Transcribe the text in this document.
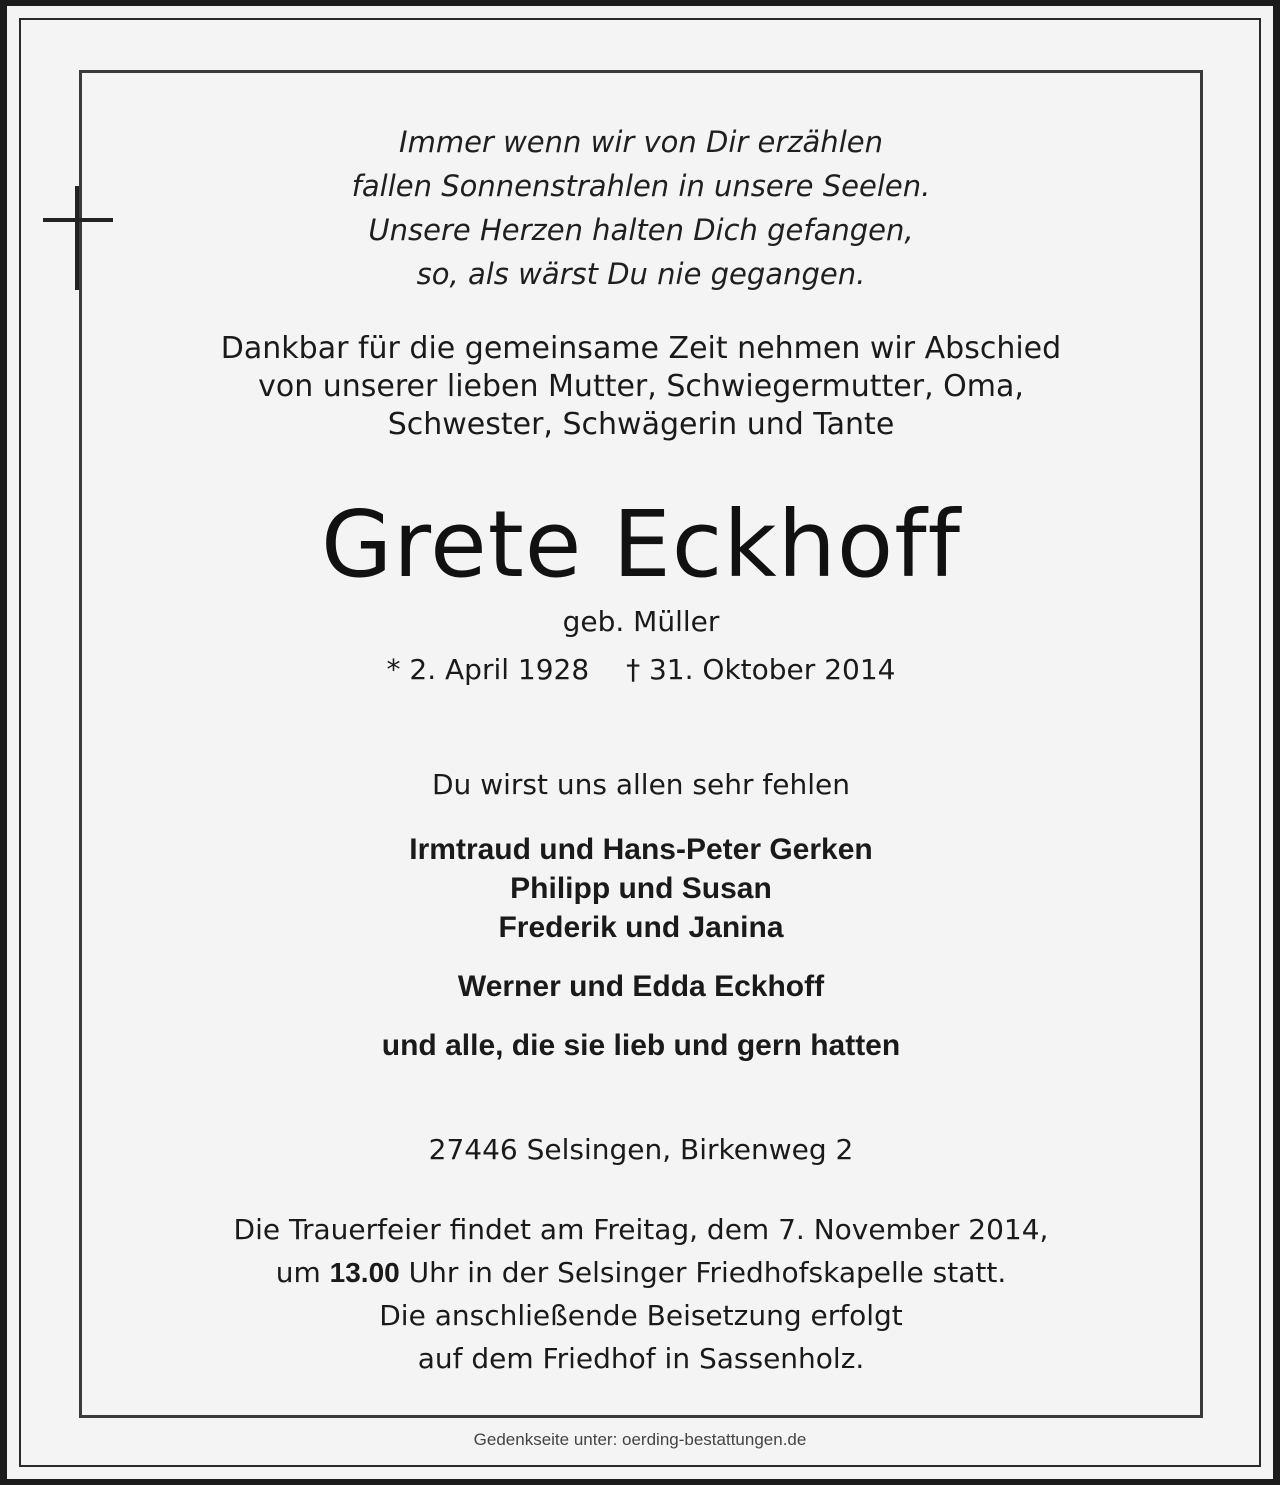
Immer wenn wir von Dir erzählen
fallen Sonnenstrahlen in unsere Seelen.
Unsere Herzen halten Dich gefangen,
so, als wärst Du nie gegangen.
Dankbar für die gemeinsame Zeit nehmen wir Abschied
von unserer lieben Mutter, Schwiegermutter, Oma,
Schwester, Schwägerin und Tante
Grete Eckhoff
geb. Müller
* 2. April 1928 † 31. Oktober 2014
Du wirst uns allen sehr fehlen
Irmtraud und Hans-Peter Gerken
Philipp und Susan
Frederik und Janina
Werner und Edda Eckhoff
und alle, die sie lieb und gern hatten
27446 Selsingen, Birkenweg 2
Die Trauerfeier findet am Freitag, dem 7. November 2014,
um 13.00 Uhr in der Selsinger Friedhofskapelle statt.
Die anschließende Beisetzung erfolgt
auf dem Friedhof in Sassenholz.
Gedenkseite unter: oerding-bestattungen.de
